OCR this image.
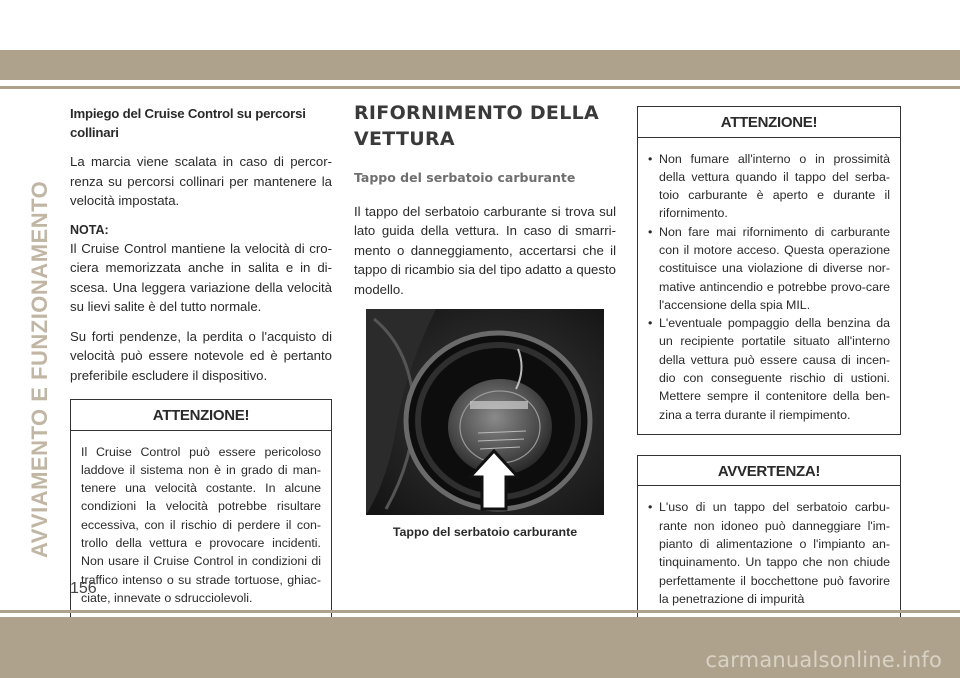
AVVIAMENTO E FUNZIONAMENTO
Impiego del Cruise Control su percorsi collinari

La marcia viene scalata in caso di percor-renza su percorsi collinari per mantenere la velocità impostata.

NOTA:

Il Cruise Control mantiene la velocità di cro-ciera memorizzata anche in salita e in di-scesa. Una leggera variazione della velocità su lievi salite è del tutto normale.

Su forti pendenze, la perdita o l'acquisto di velocità può essere notevole ed è pertanto preferibile escludere il dispositivo.

ATTENZIONE!
Il Cruise Control può essere pericoloso laddove il sistema non è in grado di man-tenere una velocità costante. In alcune condizioni la velocità potrebbe risultare eccessiva, con il rischio di perdere il con-trollo della vettura e provocare incidenti. Non usare il Cruise Control in condizioni di traffico intenso o su strade tortuose, ghiac-ciate, innevate o sdrucciolevoli.
RIFORNIMENTO DELLA VETTURA
Tappo del serbatoio carburante

Il tappo del serbatoio carburante si trova sul lato guida della vettura. In caso di smarri-mento o danneggiamento, accertarsi che il tappo di ricambio sia del tipo adatto a questo modello.

Tappo del serbatoio carburante
ATTENZIONE!
• Non fumare all'interno o in prossimità della vettura quando il tappo del serba-toio carburante è aperto e durante il rifornimento.
• Non fare mai rifornimento di carburante con il motore acceso. Questa operazione costituisce una violazione di diverse nor-mative antincendio e potrebbe provo-care l'accensione della spia MIL.
• L'eventuale pompaggio della benzina da un recipiente portatile situato all'interno della vettura può essere causa di incen-dio con conseguente rischio di ustioni. Mettere sempre il contenitore della ben-zina a terra durante il riempimento.
AVVERTENZA!
• L'uso di un tappo del serbatoio carbu-rante non idoneo può danneggiare l'im-pianto di alimentazione o l'impianto an-tinquinamento. Un tappo che non chiude perfettamente il bocchettone può favorire la penetrazione di impurità
156
carmanualsonline.info
